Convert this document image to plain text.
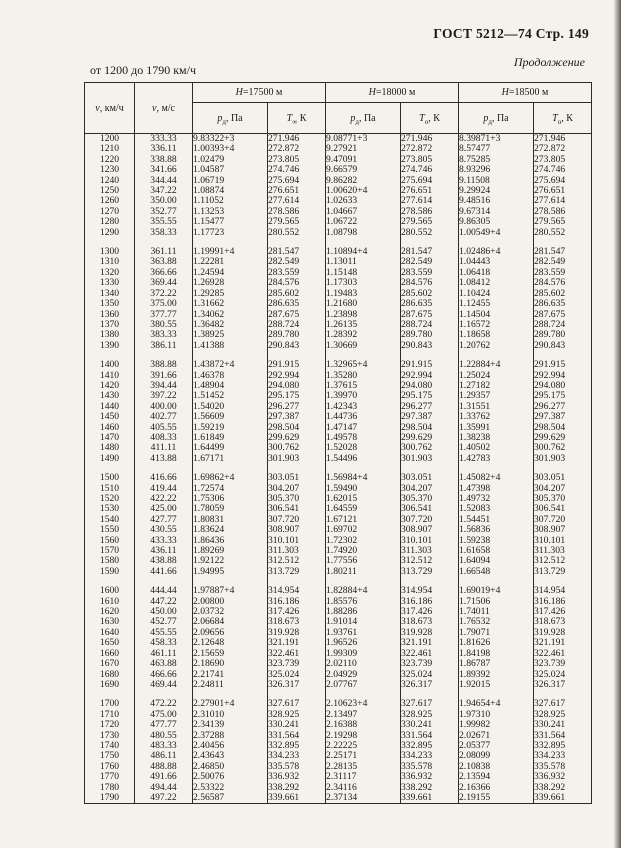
ГОСТ 5212—74 Стр. 149
Продолжение
от 1200 до 1790 км/ч
v, км/ч	v, м/с	H=17500 м		H=18000 м		H=18500 м	
		$p_д$, Па	$T_\infty$ К	$p_д$, Па	$T_о$, К	$p_д$, Па	$T_о$, К
1200	333.33	9.83322+3	271.946	9.08771+3	271.946	8.39871+3	271.946
1210	336.11	1.00393+4	272.872	9.27921	272.872	8.57477	272.872
1220	338.88	1.02479	273.805	9.47091	273.805	8.75285	273.805
1230	341.66	1.04587	274.746	9.66579	274.746	8.93296	274.746
1240	344.44	1.06719	275.694	9.86282	275.694	9.11508	275.694
1250	347.22	1.08874	276.651	1.00620+4	276.651	9.29924	276.651
1260	350.00	1.11052	277.614	1.02633	277.614	9.48516	277.614
1270	352.77	1.13253	278.586	1.04667	278.586	9.67314	278.586
1280	355.55	1.15477	279.565	1.06722	279.565	9.86305	279.565
1290	358.33	1.17723	280.552	1.08798	280.552	1.00549+4	280.552

1300	361.11	1.19991+4	281.547	1.10894+4	281.547	1.02486+4	281.547
1310	363.88	1.22281	282.549	1.13011	282.549	1.04443	282.549
1320	366.66	1.24594	283.559	1.15148	283.559	1.06418	283.559
1330	369.44	1.26928	284.576	1.17303	284.576	1.08412	284.576
1340	372.22	1.29285	285.602	1.19483	285.602	1.10424	285.602
1350	375.00	1.31662	286.635	1.21680	286.635	1.12455	286.635
1360	377.77	1.34062	287.675	1.23898	287.675	1.14504	287.675
1370	380.55	1.36482	288.724	1.26135	288.724	1.16572	288.724
1380	383.33	1.38925	289.780	1.28392	289.780	1.18658	289.780
1390	386.11	1.41388	290.843	1.30669	290.843	1.20762	290.843

1400	388.88	1.43872+4	291.915	1.32965+4	291.915	1.22884+4	291.915
1410	391.66	1.46378	292.994	1.35280	292.994	1.25024	292.994
1420	394.44	1.48904	294.080	1.37615	294.080	1.27182	294.080
1430	397.22	1.51452	295.175	1.39970	295.175	1.29357	295.175
1440	400.00	1.54020	296.277	1.42343	296.277	1.31551	296.277
1450	402.77	1.56609	297.387	1.44736	297.387	1.33762	297.387
1460	405.55	1.59219	298.504	1.47147	298.504	1.35991	298.504
1470	408.33	1.61849	299.629	1.49578	299.629	1.38238	299.629
1480	411.11	1.64499	300.762	1.52028	300.762	1.40502	300.762
1490	413.88	1.67171	301.903	1.54496	301.903	1.42783	301.903

1500	416.66	1.69862+4	303.051	1.56984+4	303.051	1.45082+4	303.051
1510	419.44	1.72574	304.207	1.59490	304.207	1.47398	304.207
1520	422.22	1.75306	305.370	1.62015	305.370	1.49732	305.370
1530	425.00	1.78059	306.541	1.64559	306.541	1.52083	306.541
1540	427.77	1.80831	307.720	1.67121	307.720	1.54451	307.720
1550	430.55	1.83624	308.907	1.69702	308.907	1.56836	308.907
1560	433.33	1.86436	310.101	1.72302	310.101	1.59238	310.101
1570	436.11	1.89269	311.303	1.74920	311.303	1.61658	311.303
1580	438.88	1.92122	312.512	1.77556	312.512	1.64094	312.512
1590	441.66	1.94995	313.729	1.80211	313.729	1.66548	313.729

1600	444.44	1.97887+4	314.954	1.82884+4	314.954	1.69019+4	314.954
1610	447.22	2.00800	316.186	1.85576	316.186	1.71506	316.186
1620	450.00	2.03732	317.426	1.88286	317.426	1.74011	317.426
1630	452.77	2.06684	318.673	1.91014	318.673	1.76532	318.673
1640	455.55	2.09656	319.928	1.93761	319.928	1.79071	319.928
1650	458.33	2.12648	321.191	1.96526	321.191	1.81626	321.191
1660	461.11	2.15659	322.461	1.99309	322.461	1.84198	322.461
1670	463.88	2.18690	323.739	2.02110	323.739	1.86787	323.739
1680	466.66	2.21741	325.024	2.04929	325.024	1.89392	325.024
1690	469.44	2.24811	326.317	2.07767	326.317	1.92015	326.317

1700	472.22	2.27901+4	327.617	2.10623+4	327.617	1.94654+4	327.617
1710	475.00	2.31010	328.925	2.13497	328.925	1.97310	328.925
1720	477.77	2.34139	330.241	2.16388	330.241	1.99982	330.241
1730	480.55	2.37288	331.564	2.19298	331.564	2.02671	331.564
1740	483.33	2.40456	332.895	2.22225	332.895	2.05377	332.895
1750	486.11	2.43643	334.233	2.25171	334.233	2.08099	334.233
1760	488.88	2.46850	335.578	2.28135	335.578	2.10838	335.578
1770	491.66	2.50076	336.932	2.31117	336.932	2.13594	336.932
1780	494.44	2.53322	338.292	2.34116	338.292	2.16366	338.292
1790	497.22	2.56587	339.661	2.37134	339.661	2.19155	339.661
